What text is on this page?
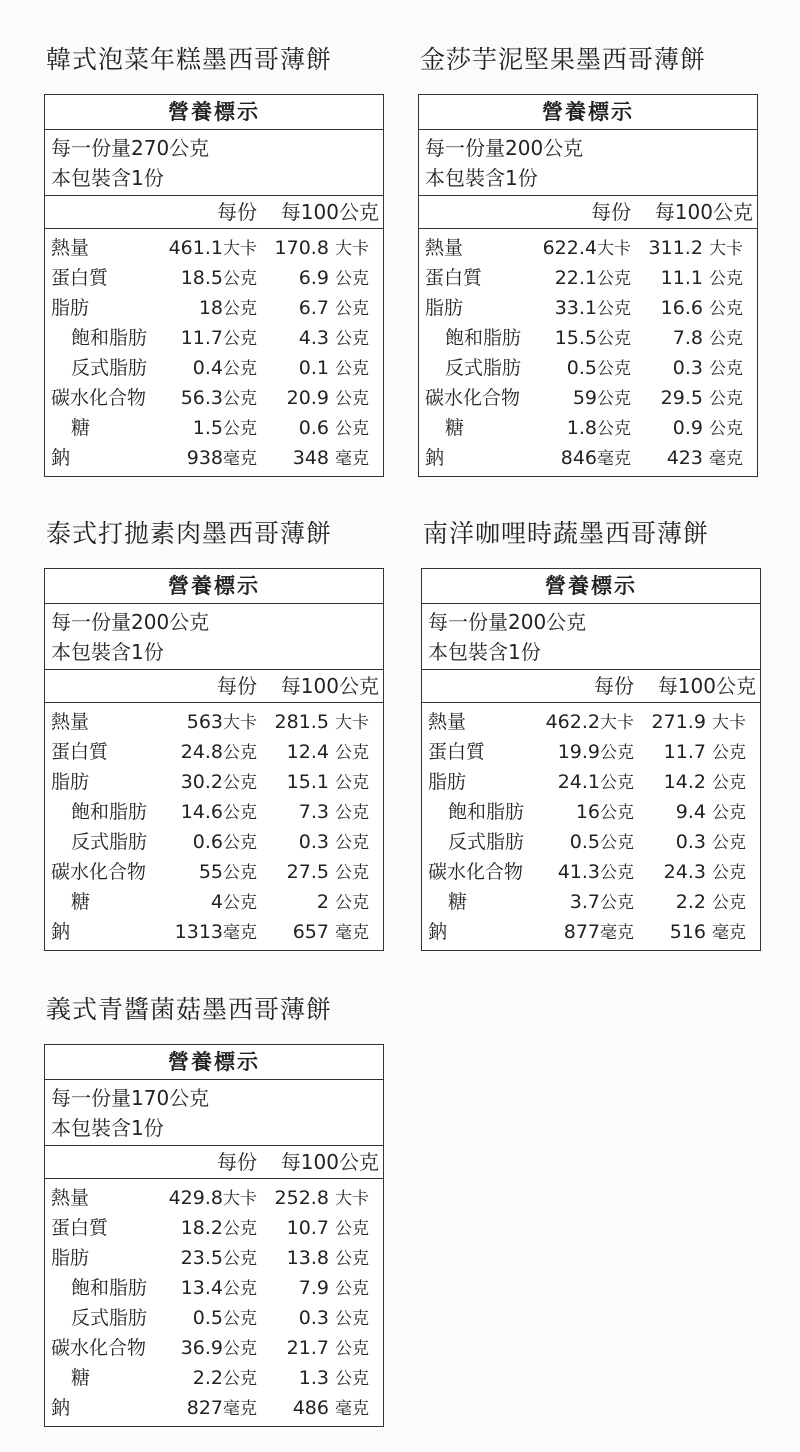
韓式泡菜年糕墨西哥薄餅
營養標示
每一份量270公克
本包裝含1份
每份	每100公克
熱量	461.1大卡 170.8 大卡
蛋白質	18.5公克	6.9 公克
脂肪	18公克	6.7 公克
飽和脂肪	11.7公克	4.3 公克
反式脂肪	0.4公克	0.1 公克
碳水化合物	56.3公克	20.9 公克
糖	1.5公克	0.6 公克
鈉	938毫克	348 毫克
金莎芋泥堅果墨西哥薄餅
營養標示
每一份量200公克
本包裝含1份
每份	每100公克
熱量	622.4大卡 311.2 大卡
蛋白質	22.1公克	11.1 公克
脂肪	33.1公克	16.6 公克
飽和脂肪	15.5公克	7.8 公克
反式脂肪	0.5公克	0.3 公克
碳水化合物	59公克	29.5 公克
糖	1.8公克	0.9 公克
鈉	846毫克	423 毫克
泰式打拋素肉墨西哥薄餅
營養標示
每一份量200公克
本包裝含1份
每份	每100公克
熱量	563大卡 281.5 大卡
蛋白質	24.8公克	12.4 公克
脂肪	30.2公克	15.1 公克
飽和脂肪	14.6公克	7.3 公克
反式脂肪	0.6公克	0.3 公克
碳水化合物	55公克	27.5 公克
糖	4公克	2 公克
鈉	1313毫克	657 毫克
南洋咖哩時蔬墨西哥薄餅
營養標示
每一份量200公克
本包裝含1份
每份	每100公克
熱量	462.2大卡 271.9 大卡
蛋白質	19.9公克	11.7 公克
脂肪	24.1公克	14.2 公克
飽和脂肪	16公克	9.4 公克
反式脂肪	0.5公克	0.3 公克
碳水化合物	41.3公克	24.3 公克
糖	3.7公克	2.2 公克
鈉	877毫克	516 毫克
義式青醬菌菇墨西哥薄餅
營養標示
每一份量170公克
本包裝含1份
每份	每100公克
熱量	429.8大卡 252.8 大卡
蛋白質	18.2公克	10.7 公克
脂肪	23.5公克	13.8 公克
飽和脂肪	13.4公克	7.9 公克
反式脂肪	0.5公克	0.3 公克
碳水化合物	36.9公克	21.7 公克
糖	2.2公克	1.3 公克
鈉	827毫克	486 毫克
